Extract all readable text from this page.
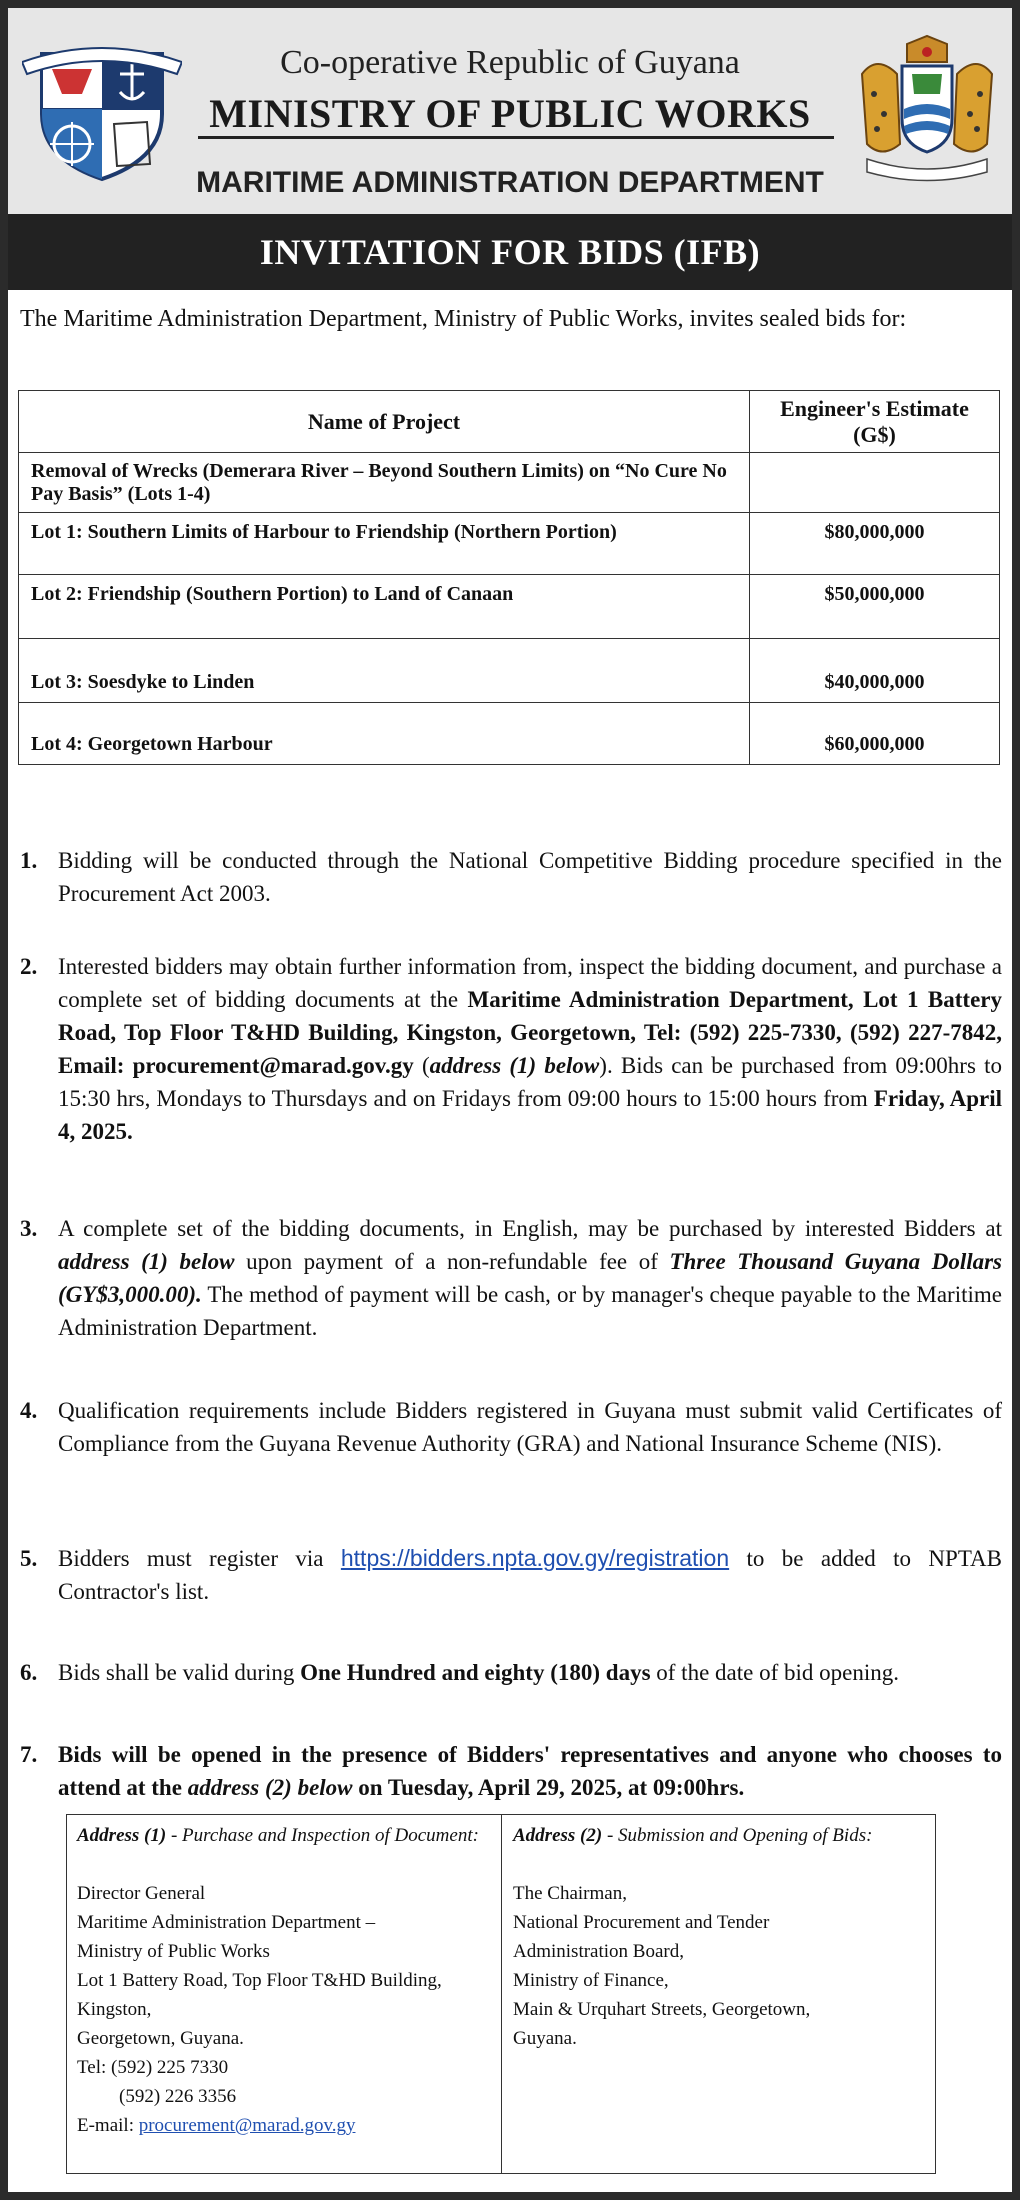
Co-operative Republic of Guyana
MINISTRY OF PUBLIC WORKS
MARITIME ADMINISTRATION DEPARTMENT
INVITATION FOR BIDS (IFB)
The Maritime Administration Department, Ministry of Public Works, invites sealed bids for:
Name of Project	Engineer's Estimate (G$)
Removal of Wrecks (Demerara River – Beyond Southern Limits) on “No Cure No Pay Basis” (Lots 1-4)	
Lot 1: Southern Limits of Harbour to Friendship (Northern Portion)	$80,000,000
Lot 2: Friendship (Southern Portion) to Land of Canaan	$50,000,000
Lot 3: Soesdyke to Linden	$40,000,000
Lot 4: Georgetown Harbour	$60,000,000
1. Bidding will be conducted through the National Competitive Bidding procedure specified in the Procurement Act 2003.
2. Interested bidders may obtain further information from, inspect the bidding document, and purchase a complete set of bidding documents at the Maritime Administration Department, Lot 1 Battery Road, Top Floor T&HD Building, Kingston, Georgetown, Tel: (592) 225-7330, (592) 227-7842, Email: procurement@marad.gov.gy (address (1) below). Bids can be purchased from 09:00hrs to 15:30 hrs, Mondays to Thursdays and on Fridays from 09:00 hours to 15:00 hours from Friday, April 4, 2025.
3. A complete set of the bidding documents, in English, may be purchased by interested Bidders at address (1) below upon payment of a non-refundable fee of Three Thousand Guyana Dollars (GY$3,000.00). The method of payment will be cash, or by manager's cheque payable to the Maritime Administration Department.
4. Qualification requirements include Bidders registered in Guyana must submit valid Certificates of Compliance from the Guyana Revenue Authority (GRA) and National Insurance Scheme (NIS).
5. Bidders must register via https://bidders.npta.gov.gy/registration to be added to NPTAB Contractor's list.
6. Bids shall be valid during One Hundred and eighty (180) days of the date of bid opening.
7. Bids will be opened in the presence of Bidders' representatives and anyone who chooses to attend at the address (2) below on Tuesday, April 29, 2025, at 09:00hrs.
Address (1) - Purchase and Inspection of Document:
Director General
Maritime Administration Department –
Ministry of Public Works
Lot 1 Battery Road, Top Floor T&HD Building,
Kingston,
Georgetown, Guyana.
Tel: (592) 225 7330
(592) 226 3356
E-mail: procurement@marad.gov.gy
Address (2) - Submission and Opening of Bids:
The Chairman,
National Procurement and Tender
Administration Board,
Ministry of Finance,
Main & Urquhart Streets, Georgetown,
Guyana.
